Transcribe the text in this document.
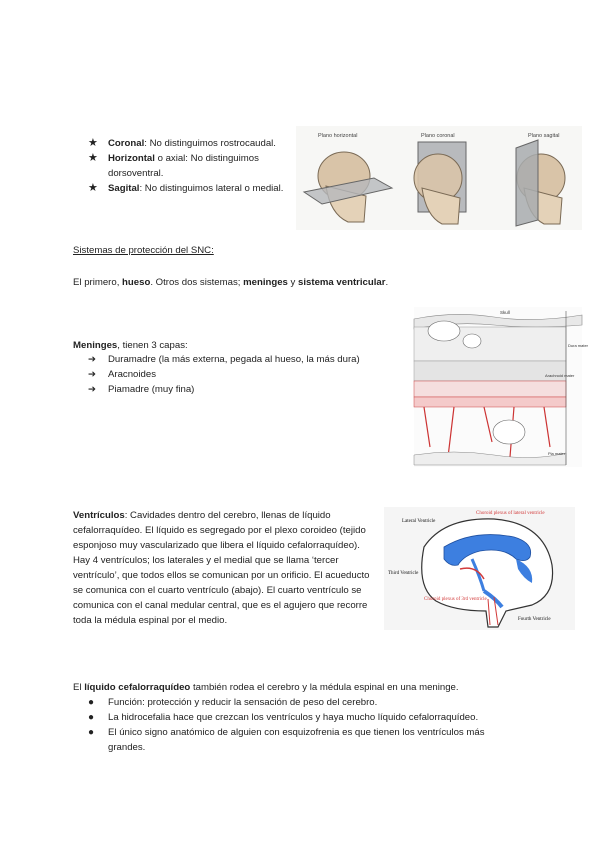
★ Coronal: No distinguimos rostrocaudal.
★ Horizontal o axial: No distinguimos dorsoventral.
★ Sagital: No distinguimos lateral o medial.
Plano horizontal	Plano coronal	Plano sagital
Sistemas de protección del SNC:
El primero, hueso. Otros dos sistemas; meninges y sistema ventricular.
Meninges, tienen 3 capas:
➔ Duramadre (la más externa, pegada al hueso, la más dura)
➔ Aracnoides
➔ Piamadre (muy fina)
Skull
Dura mater
Arachnoid mater
Pia mater
Ventrículos: Cavidades dentro del cerebro, llenas de líquido cefalorraquídeo. El líquido es segregado por el plexo coroideo (tejido esponjoso muy vascularizado que libera el líquido cefalorraquídeo). Hay 4 ventrículos; los laterales y el medial que se llama ‘tercer ventrículo’, que todos ellos se comunican por un orificio. El acueducto se comunica con el cuarto ventrículo (abajo). El cuarto ventrículo se comunica con el canal medular central, que es el agujero que recorre toda la médula espinal por el medio.
Lateral Ventricle
Choroid plexus of lateral ventricle
Third Ventricle
Choroid plexus of 3rd ventricle
Fourth Ventricle
El líquido cefalorraquídeo también rodea el cerebro y la médula espinal en una meninge.
● Función: protección y reducir la sensación de peso del cerebro.
● La hidrocefalia hace que crezcan los ventrículos y haya mucho líquido cefalorraquídeo.
● El único signo anatómico de alguien con esquizofrenia es que tienen los ventrículos más grandes.
